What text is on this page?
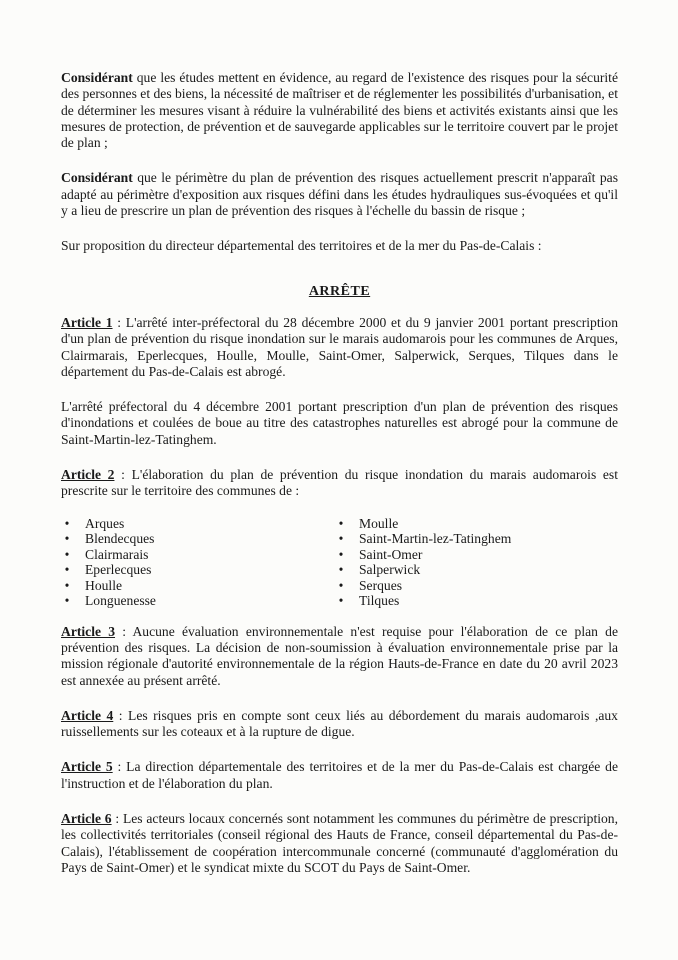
Considérant que les études mettent en évidence, au regard de l'existence des risques pour la sécurité des personnes et des biens, la nécessité de maîtriser et de réglementer les possibilités d'urbanisation, et de déterminer les mesures visant à réduire la vulnérabilité des biens et activités existants ainsi que les mesures de protection, de prévention et de sauvegarde applicables sur le territoire couvert par le projet de plan ;

Considérant que le périmètre du plan de prévention des risques actuellement prescrit n'apparaît pas adapté au périmètre d'exposition aux risques défini dans les études hydrauliques sus-évoquées et qu'il y a lieu de prescrire un plan de prévention des risques à l'échelle du bassin de risque ;

Sur proposition du directeur départemental des territoires et de la mer du Pas-de-Calais :

ARRÊTE

Article 1 : L'arrêté inter-préfectoral du 28 décembre 2000 et du 9 janvier 2001 portant prescription d'un plan de prévention du risque inondation sur le marais audomarois pour les communes de Arques, Clairmarais, Eperlecques, Houlle, Moulle, Saint-Omer, Salperwick, Serques, Tilques dans le département du Pas-de-Calais est abrogé.

L'arrêté préfectoral du 4 décembre 2001 portant prescription d'un plan de prévention des risques d'inondations et coulées de boue au titre des catastrophes naturelles est abrogé pour la commune de Saint-Martin-lez-Tatinghem.

Article 2 : L'élaboration du plan de prévention du risque inondation du marais audomarois est prescrite sur le territoire des communes de :

• Arques
• Blendecques
• Clairmarais
• Eperlecques
• Houlle
• Longuenesse
• Moulle
• Saint-Martin-lez-Tatinghem
• Saint-Omer
• Salperwick
• Serques
• Tilques

Article 3 : Aucune évaluation environnementale n'est requise pour l'élaboration de ce plan de prévention des risques. La décision de non-soumission à évaluation environnementale prise par la mission régionale d'autorité environnementale de la région Hauts-de-France en date du 20 avril 2023 est annexée au présent arrêté.

Article 4 : Les risques pris en compte sont ceux liés au débordement du marais audomarois ,aux ruissellements sur les coteaux et à la rupture de digue.

Article 5 : La direction départementale des territoires et de la mer du Pas-de-Calais est chargée de l'instruction et de l'élaboration du plan.

Article 6 : Les acteurs locaux concernés sont notamment les communes du périmètre de prescription, les collectivités territoriales (conseil régional des Hauts de France, conseil départemental du Pas-de-Calais), l'établissement de coopération intercommunale concerné (communauté d'agglomération du Pays de Saint-Omer) et le syndicat mixte du SCOT du Pays de Saint-Omer.
